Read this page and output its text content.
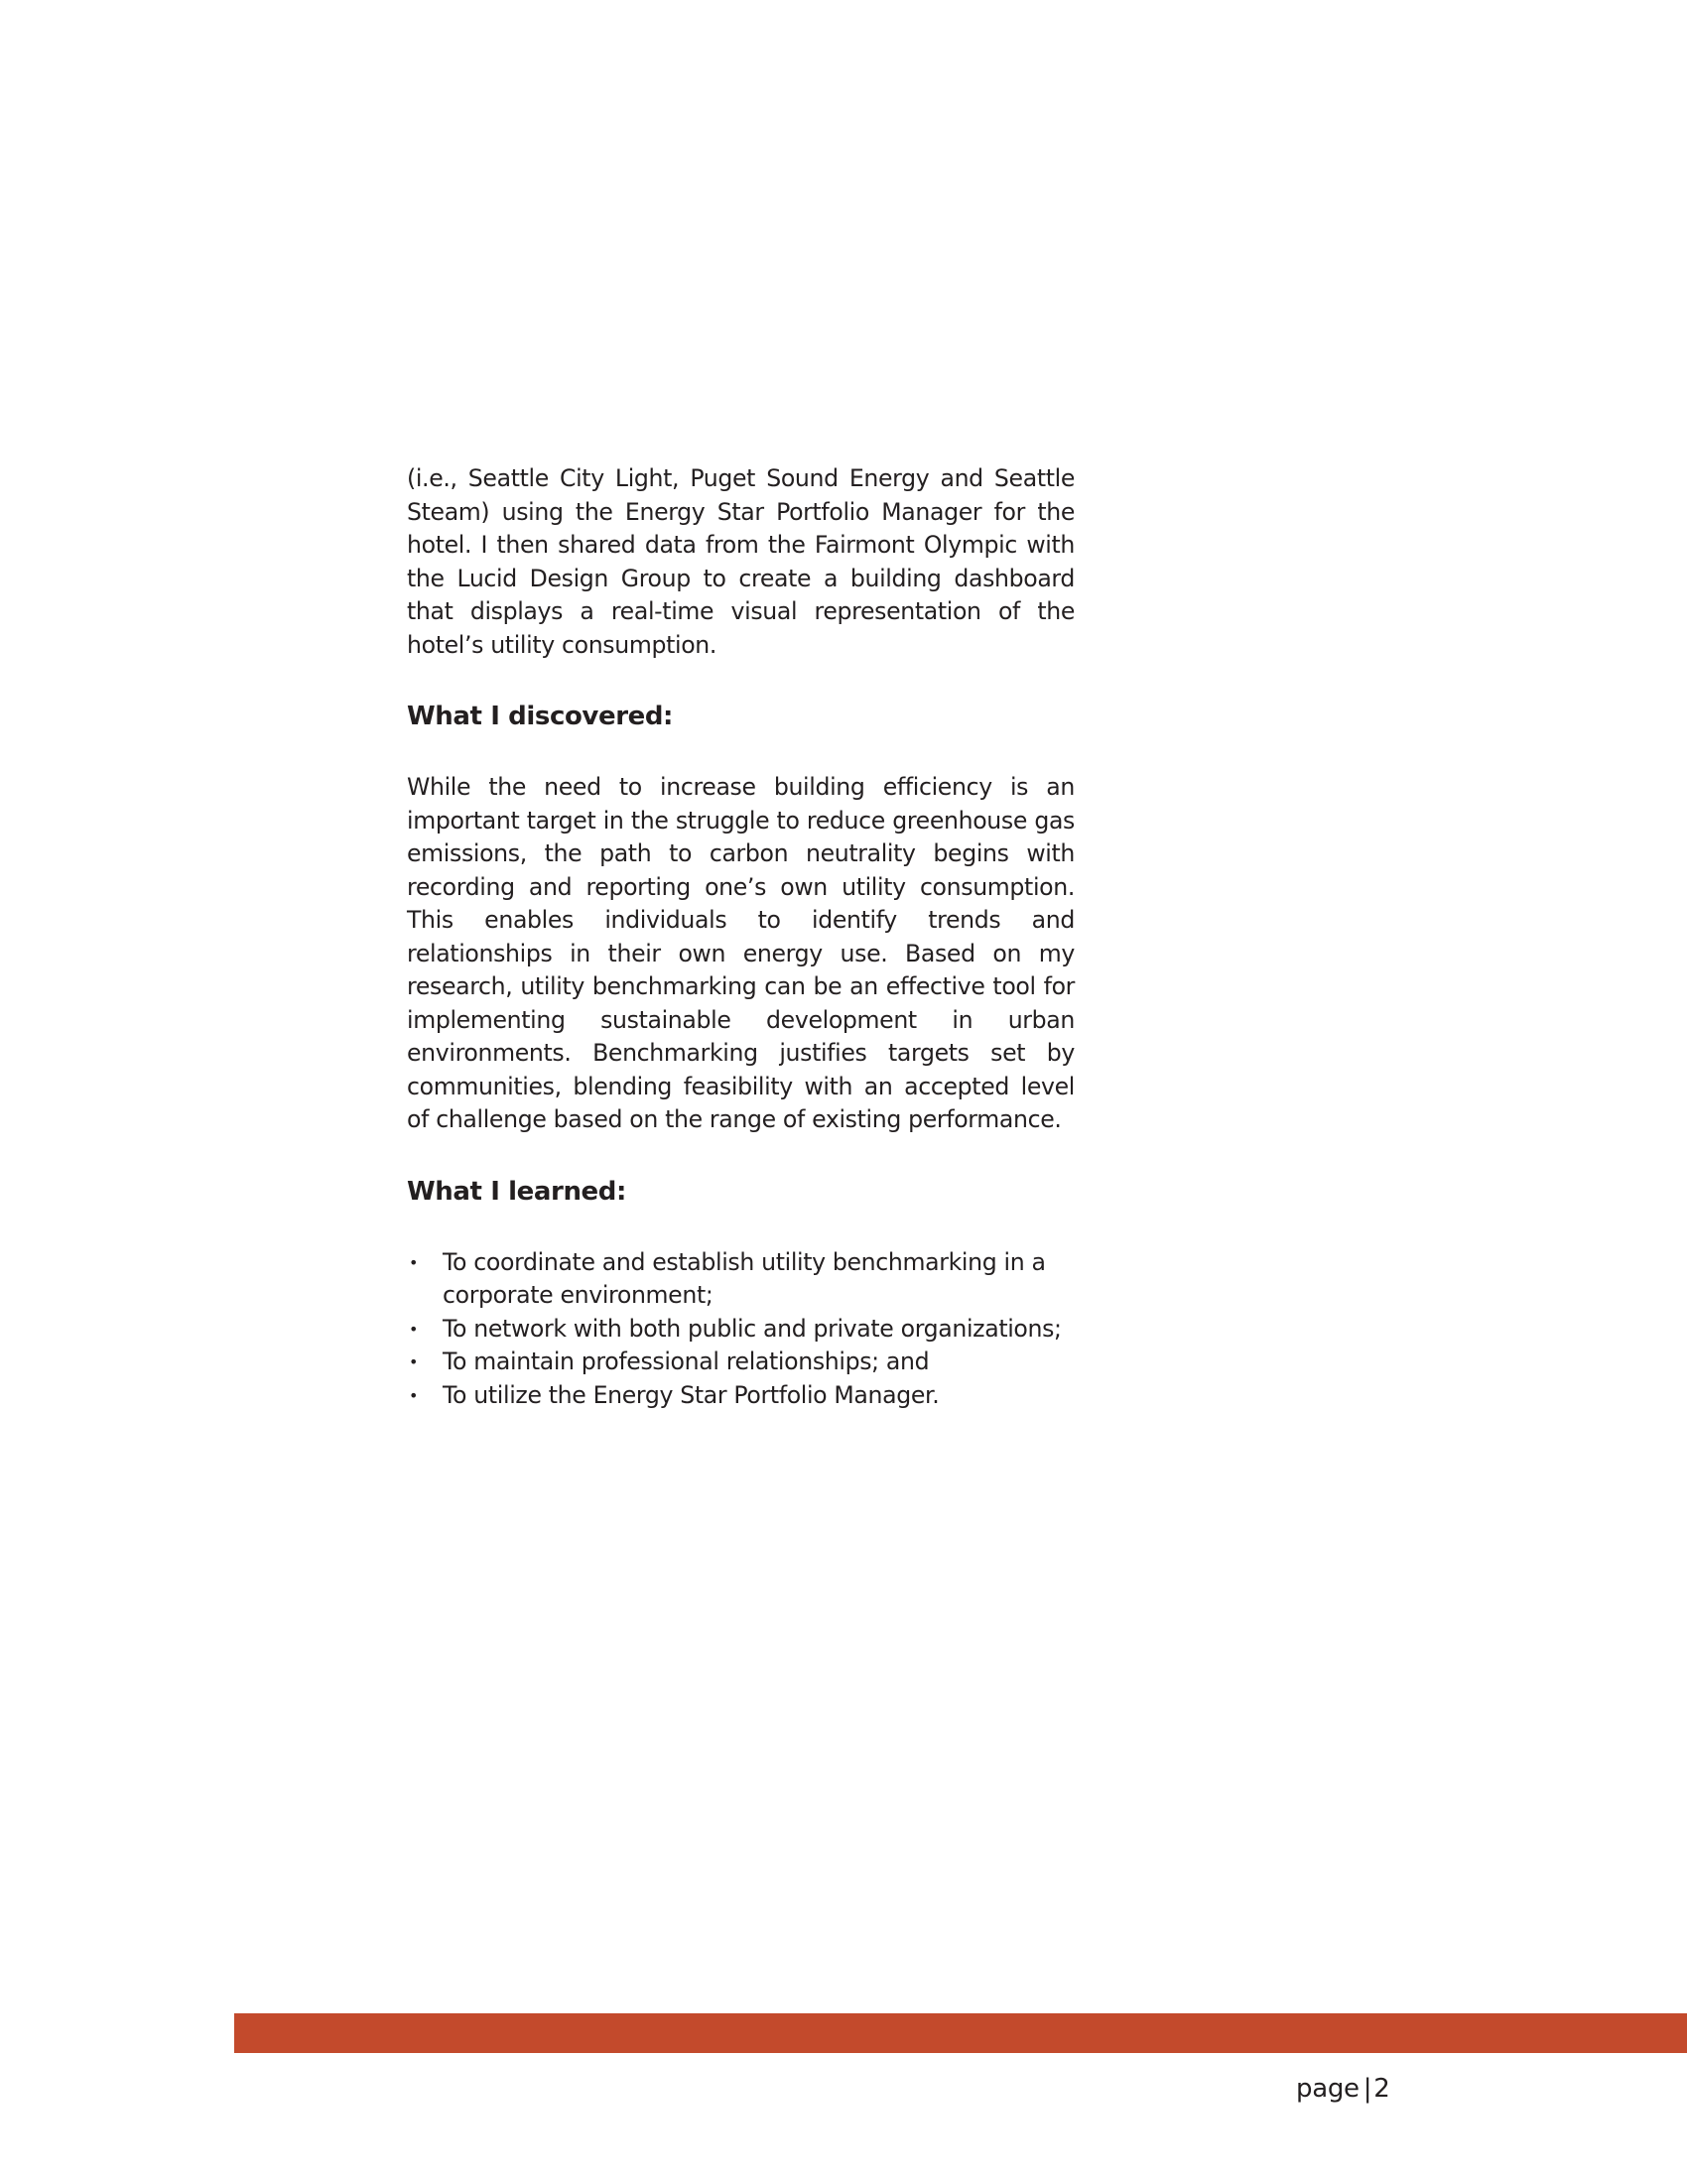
(i.e., Seattle City Light, Puget Sound Energy and Seattle Steam) using the Energy Star Portfolio Manager for the hotel. I then shared data from the Fairmont Olympic with the Lucid Design Group to create a building dashboard that displays a real-time visual representation of the hotel’s utility consumption.

What I discovered:

While the need to increase building efficiency is an important target in the struggle to reduce greenhouse gas emissions, the path to carbon neutrality begins with recording and reporting one’s own utility consumption. This enables individuals to identify trends and relationships in their own energy use. Based on my research, utility benchmarking can be an effective tool for implementing sustainable development in urban environments. Benchmarking justifies targets set by communities, blending feasibility with an accepted level of challenge based on the range of existing performance.

What I learned:
• To coordinate and establish utility benchmarking in a corporate environment;
• To network with both public and private organizations;
• To maintain professional relationships; and
• To utilize the Energy Star Portfolio Manager.
page |2
